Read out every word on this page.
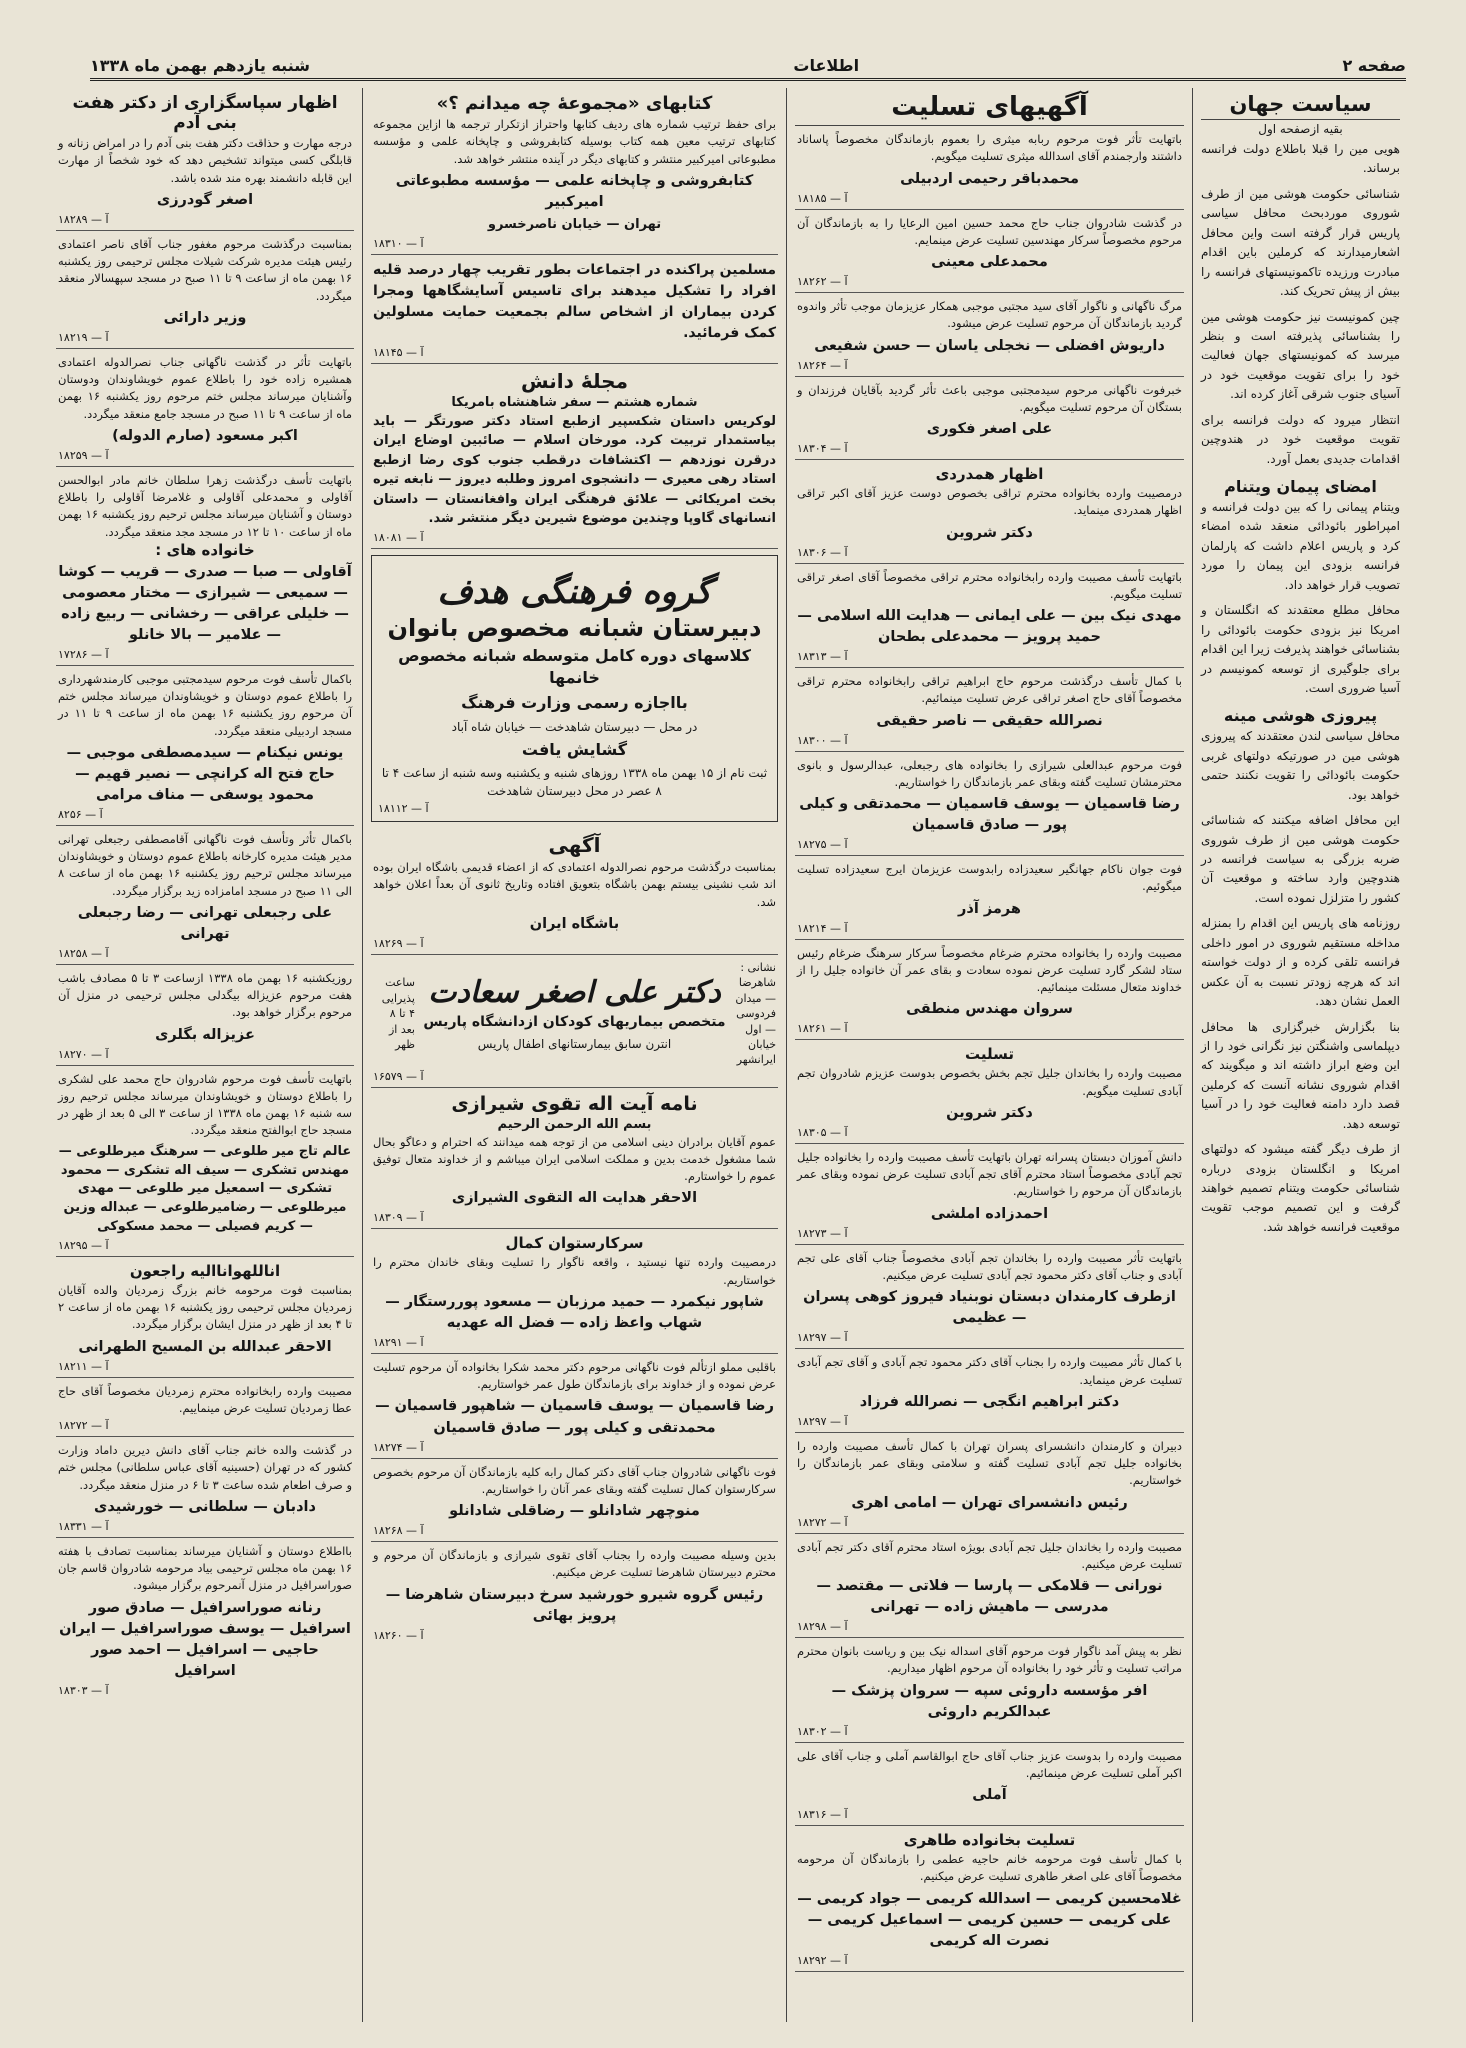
صفحه ۲
اطلاعات
شنبه یازدهم بهمن ماه ۱۳۳۸
سیاست جهان
بقیه ازصفحه اول

هویی مین را قبلا باطلاع دولت فرانسه برساند.

شناسائی حکومت هوشی مین از طرف شوروی موردبحث محافل سیاسی پاریس قرار گرفته است واین محافل اشعارمیدارند که کرملین باین اقدام مبادرت ورزیده تاکمونیستهای فرانسه را بیش از پیش تحریک کند.

چین کمونیست نیز حکومت هوشی مین را بشناسائی پذیرفته است و بنظر میرسد که کمونیستهای جهان فعالیت خود را برای تقویت موقعیت خود در آسیای جنوب شرقی آغاز کرده اند.

انتظار میرود که دولت فرانسه برای تقویت موقعیت خود در هندوچین اقدامات جدیدی بعمل آورد.

امضای پیمان ویتنام

ویتنام پیمانی را که بین دولت فرانسه و امپراطور بائودائی منعقد شده امضاء کرد و پاریس اعلام داشت که پارلمان فرانسه بزودی این پیمان را مورد تصویب قرار خواهد داد.

محافل مطلع معتقدند که انگلستان و امریکا نیز بزودی حکومت بائودائی را بشناسائی خواهند پذیرفت زیرا این اقدام برای جلوگیری از توسعه کمونیسم در آسیا ضروری است.

پیروزی هوشی مینه

محافل سیاسی لندن معتقدند که پیروزی هوشی مین در صورتیکه دولتهای غربی حکومت بائودائی را تقویت نکنند حتمی خواهد بود.

این محافل اضافه میکنند که شناسائی حکومت هوشی مین از طرف شوروی ضربه بزرگی به سیاست فرانسه در هندوچین وارد ساخته و موقعیت آن کشور را متزلزل نموده است.

روزنامه های پاریس این اقدام را بمنزله مداخله مستقیم شوروی در امور داخلی فرانسه تلقی کرده و از دولت خواسته اند که هرچه زودتر نسبت به آن عکس العمل نشان دهد.

بنا بگزارش خبرگزاری ها محافل دیپلماسی واشنگتن نیز نگرانی خود را از این وضع ابراز داشته اند و میگویند که اقدام شوروی نشانه آنست که کرملین قصد دارد دامنه فعالیت خود را در آسیا توسعه دهد.

از طرف دیگر گفته میشود که دولتهای امریکا و انگلستان بزودی درباره شناسائی حکومت ویتنام تصمیم خواهند گرفت و این تصمیم موجب تقویت موقعیت فرانسه خواهد شد.

آگهیهای تسلیت
باتهایت تأثر فوت مرحوم ربابه میثری را بعموم بازماندگان مخصوصاً پاساناد داشتند وارجمندم آقای اسدالله میثری تسلیت میگویم.
محمدباقر رحیمی اردبیلی
آ — ۱۸۱۸۵
در گذشت شادروان جناب حاج محمد حسین امین الرعایا را به بازماندگان آن مرحوم مخصوصاً سرکار مهندسین تسلیت عرض مینمایم.
محمدعلی معینی
آ — ۱۸۲۶۲
مرگ ناگهانی و ناگوار آقای سید مجتبی موجبی همکار عزیزمان موجب تأثر واندوه گردید بازماندگان آن مرحوم تسلیت عرض میشود.
داریوش افضلی — نخجلی یاسان — حسن شفیعی
آ — ۱۸۲۶۴
خبرفوت ناگهانی مرحوم سیدمجتبی موجبی باعث تأثر گردید بآقایان فرزندان و بستگان آن مرحوم تسلیت میگویم.
علی اصغر فکوری
آ — ۱۸۳۰۴
اظهار همدردی
درمصیبت وارده بخانواده محترم تراقی بخصوص دوست عزیز آقای اکبر تراقی اظهار همدردی مینماید.
دکتر شروین
آ — ۱۸۳۰۶
باتهایت تأسف مصیبت وارده رابخانواده محترم تراقی مخصوصاً آقای اصغر تراقی تسلیت میگویم.
مهدی نیک بین — علی ایمانی — هدایت الله اسلامی — حمید پرویز — محمدعلی بطحان
آ — ۱۸۳۱۳
با کمال تأسف درگذشت مرحوم حاج ابراهیم تراقی رابخانواده محترم تراقی مخصوصاً آقای حاج اصغر تراقی عرض تسلیت مینمائیم.
نصرالله حقیقی — ناصر حقیقی
آ — ۱۸۳۰۰
فوت مرحوم عبدالعلی شیرازی را بخانواده های رجبعلی، عبدالرسول و بانوی محترمشان تسلیت گفته وبقای عمر بازماندگان را خواستاریم.
رضا قاسمیان — یوسف قاسمیان — محمدتقی و کیلی پور — صادق قاسمیان
آ — ۱۸۲۷۵
فوت جوان ناکام جهانگیر سعیدزاده رابدوست عزیزمان ایرج سعیدزاده تسلیت میگوئیم.
هرمز آذر
آ — ۱۸۲۱۴
مصیبت وارده را بخانواده محترم ضرغام مخصوصاً سرکار سرهنگ ضرغام رئیس ستاد لشکر گارد تسلیت عرض نموده سعادت و بقای عمر آن خانواده جلیل را از خداوند متعال مسئلت مینمائیم.
سروان مهندس منطقی
آ — ۱۸۲۶۱
تسلیت
مصیبت وارده را بخاندان جلیل تجم بخش بخصوص بدوست عزیزم شادروان تجم آبادی تسلیت میگویم.
دکتر شروین
آ — ۱۸۳۰۵
دانش آموزان دبستان پسرانه تهران باتهایت تأسف مصیبت وارده را بخانواده جلیل تجم آبادی مخصوصاً استاد محترم آقای تجم آبادی تسلیت عرض نموده وبقای عمر بازماندگان آن مرحوم را خواستاریم.
احمدزاده املشی
آ — ۱۸۲۷۳
باتهایت تأثر مصیبت وارده را بخاندان تجم آبادی مخصوصاً جناب آقای علی تجم آبادی و جناب آقای دکتر محمود تجم آبادی تسلیت عرض میکنیم.
ازطرف کارمندان دبستان نوبنیاد فیروز کوهی پسران — عظیمی
آ — ۱۸۲۹۷
با کمال تأثر مصیبت وارده را بجناب آقای دکتر محمود تجم آبادی و آقای تجم آبادی تسلیت عرض مینماید.
دکتر ابراهیم انگجی — نصرالله فرزاد
آ — ۱۸۲۹۷
دبیران و کارمندان دانشسرای پسران تهران با کمال تأسف مصیبت وارده را بخانواده جلیل تجم آبادی تسلیت گفته و سلامتی وبقای عمر بازماندگان را خواستاریم.
رئیس دانشسرای تهران — امامی اهری
آ — ۱۸۲۷۲
مصیبت وارده را بخاندان جلیل تجم آبادی بویژه استاد محترم آقای دکتر تجم آبادی تسلیت عرض میکنیم.
نورانی — قلامکی — پارسا — فلاتی — مقتصد — مدرسی — ماهیش زاده — تهرانی
آ — ۱۸۲۹۸
نظر به پیش آمد ناگوار فوت مرحوم آقای اسداله نیک بین و ریاست بانوان محترم مراتب تسلیت و تأثر خود را بخانواده آن مرحوم اظهار میداریم.
افر مؤسسه داروئی سپه — سروان پزشک — عبدالکریم داروئی
آ — ۱۸۳۰۲
مصیبت وارده را بدوست عزیز جناب آقای حاج ابوالقاسم آملی و جناب آقای علی اکبر آملی تسلیت عرض مینمائیم.
آملی
آ — ۱۸۳۱۶
تسلیت بخانواده طاهری
با کمال تأسف فوت مرحومه خانم حاجیه عطمی را بازماندگان آن مرحومه مخصوصاً آقای علی اصغر طاهری تسلیت عرض میکنیم.
غلامحسین کریمی — اسدالله کریمی — جواد کریمی — علی کریمی — حسین کریمی — اسماعیل کریمی — نصرت اله کریمی
آ — ۱۸۲۹۲
کتابهای «مجموعهٔ چه میدانم ؟»
برای حفظ ترتیب شماره های ردیف کتابها واحتراز ازتکرار ترجمه ها ازاین مجموعه کتابهای ترتیب معین همه کتاب بوسیله کتابفروشی و چاپخانه علمی و مؤسسه مطبوعاتی امیرکبیر منتشر و کتابهای دیگر در آینده منتشر خواهد شد.
کتابفروشی و چاپخانه علمی — مؤسسه مطبوعاتی امیرکبیر
تهران — خیابان ناصرخسرو
آ — ۱۸۳۱۰
مسلمین پراکنده در اجتماعات بطور تقریب چهار درصد قلیه افراد را تشکیل میدهند برای تاسیس آسایشگاهها ومجرا کردن بیماران از اشخاص سالم بجمعیت حمایت مسلولین کمک فرمائید.
آ — ۱۸۱۴۵
مجلهٔ دانش
شماره هشتم — سفر شاهنشاه بامریکا
لوکریس داستان شکسپیر ازطبع استاد دکتر صورتگر — باید بیاستمدار تربیت کرد. مورخان اسلام — صائبین اوضاع ایران درقرن نوزدهم — اکتشافات درقطب جنوب کوی رضا ازطبع استاد رهی معیری — دانشجوی امروز وطلبه دیروز — نابغه تیره بخت امریکائی — علائق فرهنگی ایران وافغانستان — داستان انسانهای گاوپا وچندین موضوع شیرین دیگر منتشر شد.
آ — ۱۸۰۸۱
گروه فرهنگی هدف
دبیرستان شبانه مخصوص بانوان
کلاسهای دوره کامل متوسطه شبانه مخصوص خانمها
بااجازه رسمی وزارت فرهنگ
در محل — دبیرستان شاهدخت — خیابان شاه آباد
گشایش یافت
ثبت نام از ۱۵ بهمن ماه ۱۳۳۸ روزهای شنبه و یکشنبه وسه شنبه از ساعت ۴ تا ۸ عصر در محل دبیرستان شاهدخت
آ — ۱۸۱۱۲
آگهی
بمناسبت درگذشت مرحوم نصرالدوله اعتمادی که از اعضاء قدیمی باشگاه ایران بوده اند شب نشینی بیستم بهمن باشگاه بتعویق افتاده وتاریخ ثانوی آن بعداً اعلان خواهد شد.
باشگاه ایران
آ — ۱۸۲۶۹
نشانی : شاهرضا — میدان فردوسی — اول خیابان ایرانشهر
دکتر علی اصغر سعادت
متخصص بیماریهای کودکان ازدانشگاه پاریس
انترن سابق بیمارستانهای اطفال پاریس
ساعت پذیرایی ۴ تا ۸ بعد از ظهر
آ — ۱۶۵۷۹
نامه آیت اله تقوی شیرازی
بسم الله الرحمن الرحیم
عموم آقایان برادران دینی اسلامی من از توجه همه میدانند که احترام و دعاگو بحال شما مشغول خدمت بدین و مملکت اسلامی ایران میباشم و از خداوند متعال توفیق عموم را خواستارم.
الاحقر هدایت اله التقوی الشیرازی
آ — ۱۸۳۰۹
سرکارستوان کمال
درمصیبت وارده تنها نیستید ، واقعه ناگوار را تسلیت وبقای خاندان محترم را خواستاریم.
شاپور نیکمرد — حمید مرزبان — مسعود پوررستگار — شهاب واعظ زاده — فضل اله عهدیه
آ — ۱۸۲۹۱
باقلبی مملو ازتألم فوت ناگهانی مرحوم دکتر محمد شکرا بخانواده آن مرحوم تسلیت عرض نموده و از خداوند برای بازماندگان طول عمر خواستاریم.
رضا قاسمیان — یوسف قاسمیان — شاهپور قاسمیان — محمدتقی و کیلی پور — صادق قاسمیان
آ — ۱۸۲۷۴
فوت ناگهانی شادروان جناب آقای دکتر کمال رابه کلیه بازماندگان آن مرحوم بخصوص سرکارستوان کمال تسلیت گفته وبقای عمر آنان را خواستاریم.
منوچهر شادانلو — رضاقلی شادانلو
آ — ۱۸۲۶۸
بدین وسیله مصیبت وارده را بجناب آقای تقوی شیرازی و بازماندگان آن مرحوم و محترم دبیرستان شاهرضا تسلیت عرض میکنیم.
رئیس گروه شیرو خورشید سرخ دبیرستان شاهرضا — پرویز بهائی
آ — ۱۸۲۶۰
اظهار سپاسگزاری از دکتر هفت بنی آدم
درجه مهارت و حذاقت دکتر هفت بنی آدم را در امراض زنانه و قابلگی کسی میتواند تشخیص دهد که خود شخصاً از مهارت این قابله دانشمند بهره مند شده باشد.
اصغر گودرزی
آ — ۱۸۲۸۹
بمناسبت درگذشت مرحوم مغفور جناب آقای ناصر اعتمادی رئیس هیئت مدیره شرکت شیلات مجلس ترحیمی روز یکشنبه ۱۶ بهمن ماه از ساعت ۹ تا ۱۱ صبح در مسجد سپهسالار منعقد میگردد.
وزیر دارائی
آ — ۱۸۲۱۹
باتهایت تأثر در گذشت ناگهانی جناب نصرالدوله اعتمادی همشیره زاده خود را باطلاع عموم خویشاوندان ودوستان وآشنایان میرساند مجلس ختم مرحوم روز یکشنبه ۱۶ بهمن ماه از ساعت ۹ تا ۱۱ صبح در مسجد جامع منعقد میگردد.
اکبر مسعود (صارم الدوله)
آ — ۱۸۲۵۹
باتهایت تأسف درگذشت زهرا سلطان خانم مادر ابوالحسن آقاولی و محمدعلی آقاولی و غلامرضا آقاولی را باطلاع دوستان و آشنایان میرساند مجلس ترحیم روز یکشنبه ۱۶ بهمن ماه از ساعت ۱۰ تا ۱۲ در مسجد مجد منعقد میگردد.
خانواده های :
آقاولی — صبا — صدری — قریب — کوشا — سمیعی — شیرازی — مختار معصومی — خلیلی عراقی — رخشانی — ربیع زاده — علامیر — بالا خانلو
آ — ۱۷۲۸۶
باکمال تأسف فوت مرحوم سیدمجتبی موجبی کارمندشهرداری را باطلاع عموم دوستان و خویشاوندان میرساند مجلس ختم آن مرحوم روز یکشنبه ۱۶ بهمن ماه از ساعت ۹ تا ۱۱ در مسجد اردبیلی منعقد میگردد.
یونس نیکنام — سیدمصطفی موجبی — حاج فتح اله کرانچی — نصیر قهیم — محمود یوسفی — مناف مرامی
آ — ۸۲۵۶
باکمال تأثر وتأسف فوت ناگهانی آقامصطفی رجبعلی تهرانی مدیر هیئت مدیره کارخانه باطلاع عموم دوستان و خویشاوندان میرساند مجلس ترحیم روز یکشنبه ۱۶ بهمن ماه از ساعت ۸ الی ۱۱ صبح در مسجد امامزاده زید برگزار میگردد.
علی رجبعلی تهرانی — رضا رجبعلی تهرانی
آ — ۱۸۲۵۸
روزیکشنبه ۱۶ بهمن ماه ۱۳۳۸ ازساعت ۳ تا ۵ مصادف باشب هفت مرحوم عزیزاله بیگدلی مجلس ترحیمی در منزل آن مرحوم برگزار خواهد بود.
عزیزاله بگلری
آ — ۱۸۲۷۰
باتهایت تأسف فوت مرحوم شادروان حاج محمد علی لشکری را باطلاع دوستان و خویشاوندان میرساند مجلس ترحیم روز سه شنبه ۱۶ بهمن ماه ۱۳۳۸ از ساعت ۳ الی ۵ بعد از ظهر در مسجد حاج ابوالفتح منعقد میگردد.
عالم تاج میر طلوعی — سرهنگ میرطلوعی — مهندس تشکری — سیف اله تشکری — محمود تشکری — اسمعیل میر طلوعی — مهدی میرطلوعی — رضامیرطلوعی — عبداله وزین — کریم فصیلی — محمد مسکوکی
آ — ۱۸۲۹۵
اناللهواناالیه راجعون
بمناسبت فوت مرحومه خانم بزرگ زمردیان والده آقایان زمردیان مجلس ترحیمی روز یکشنبه ۱۶ بهمن ماه از ساعت ۲ تا ۴ بعد از ظهر در منزل ایشان برگزار میگردد.
الاحقر عبدالله بن المسیح الطهرانی
آ — ۱۸۲۱۱
مصیبت وارده رابخانواده محترم زمردیان مخصوصاً آقای حاج عطا زمردیان تسلیت عرض مینماییم.
آ — ۱۸۲۷۲
در گذشت والده خانم جناب آقای دانش دیرین داماد وزارت کشور که در تهران (حسینیه آقای عباس سلطانی) مجلس ختم و صرف اطعام شده ساعت ۳ تا ۶ در منزل منعقد میگردد.
دادبان — سلطانی — خورشیدی
آ — ۱۸۳۳۱
بااطلاع دوستان و آشنایان میرساند بمناسبت تصادف با هفته ۱۶ بهمن ماه مجلس ترحیمی بیاد مرحومه شادروان قاسم جان صوراسرافیل در منزل آنمرحوم برگزار میشود.
رنانه صوراسرافیل — صادق صور اسرافیل — یوسف صوراسرافیل — ایران حاجیی — اسرافیل — احمد صور اسرافیل
آ — ۱۸۳۰۳
